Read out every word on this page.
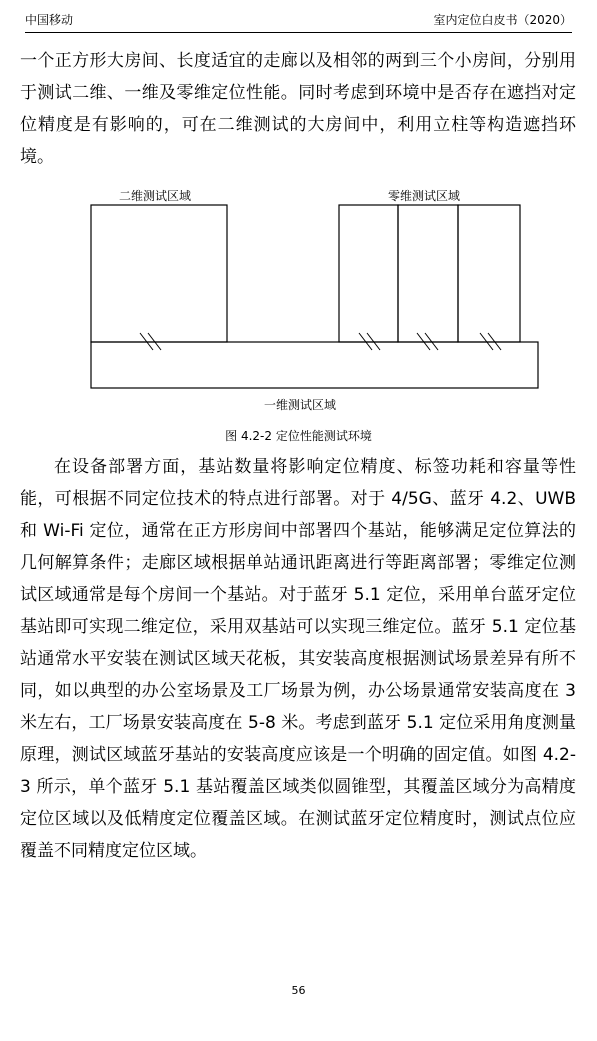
中国移动	室内定位白皮书（2020）

一个正方形大房间、长度适宜的走廊以及相邻的两到三个小房间，分别用于测试二维、一维及零维定位性能。同时考虑到环境中是否存在遮挡对定位精度是有影响的，可在二维测试的大房间中，利用立柱等构造遮挡环境。

二维测试区域	零维测试区域
一维测试区域
图 4.2-2 定位性能测试环境

在设备部署方面，基站数量将影响定位精度、标签功耗和容量等性能，可根据不同定位技术的特点进行部署。对于 4/5G、蓝牙 4.2、UWB 和 Wi-Fi 定位，通常在正方形房间中部署四个基站，能够满足定位算法的几何解算条件；走廊区域根据单站通讯距离进行等距离部署；零维定位测试区域通常是每个房间一个基站。对于蓝牙 5.1 定位，采用单台蓝牙定位基站即可实现二维定位，采用双基站可以实现三维定位。蓝牙 5.1 定位基站通常水平安装在测试区域天花板，其安装高度根据测试场景差异有所不同，如以典型的办公室场景及工厂场景为例，办公场景通常安装高度在 3 米左右，工厂场景安装高度在 5-8 米。考虑到蓝牙 5.1 定位采用角度测量原理，测试区域蓝牙基站的安装高度应该是一个明确的固定值。如图 4.2-3 所示，单个蓝牙 5.1 基站覆盖区域类似圆锥型，其覆盖区域分为高精度定位区域以及低精度定位覆盖区域。在测试蓝牙定位精度时，测试点位应覆盖不同精度定位区域。

56
